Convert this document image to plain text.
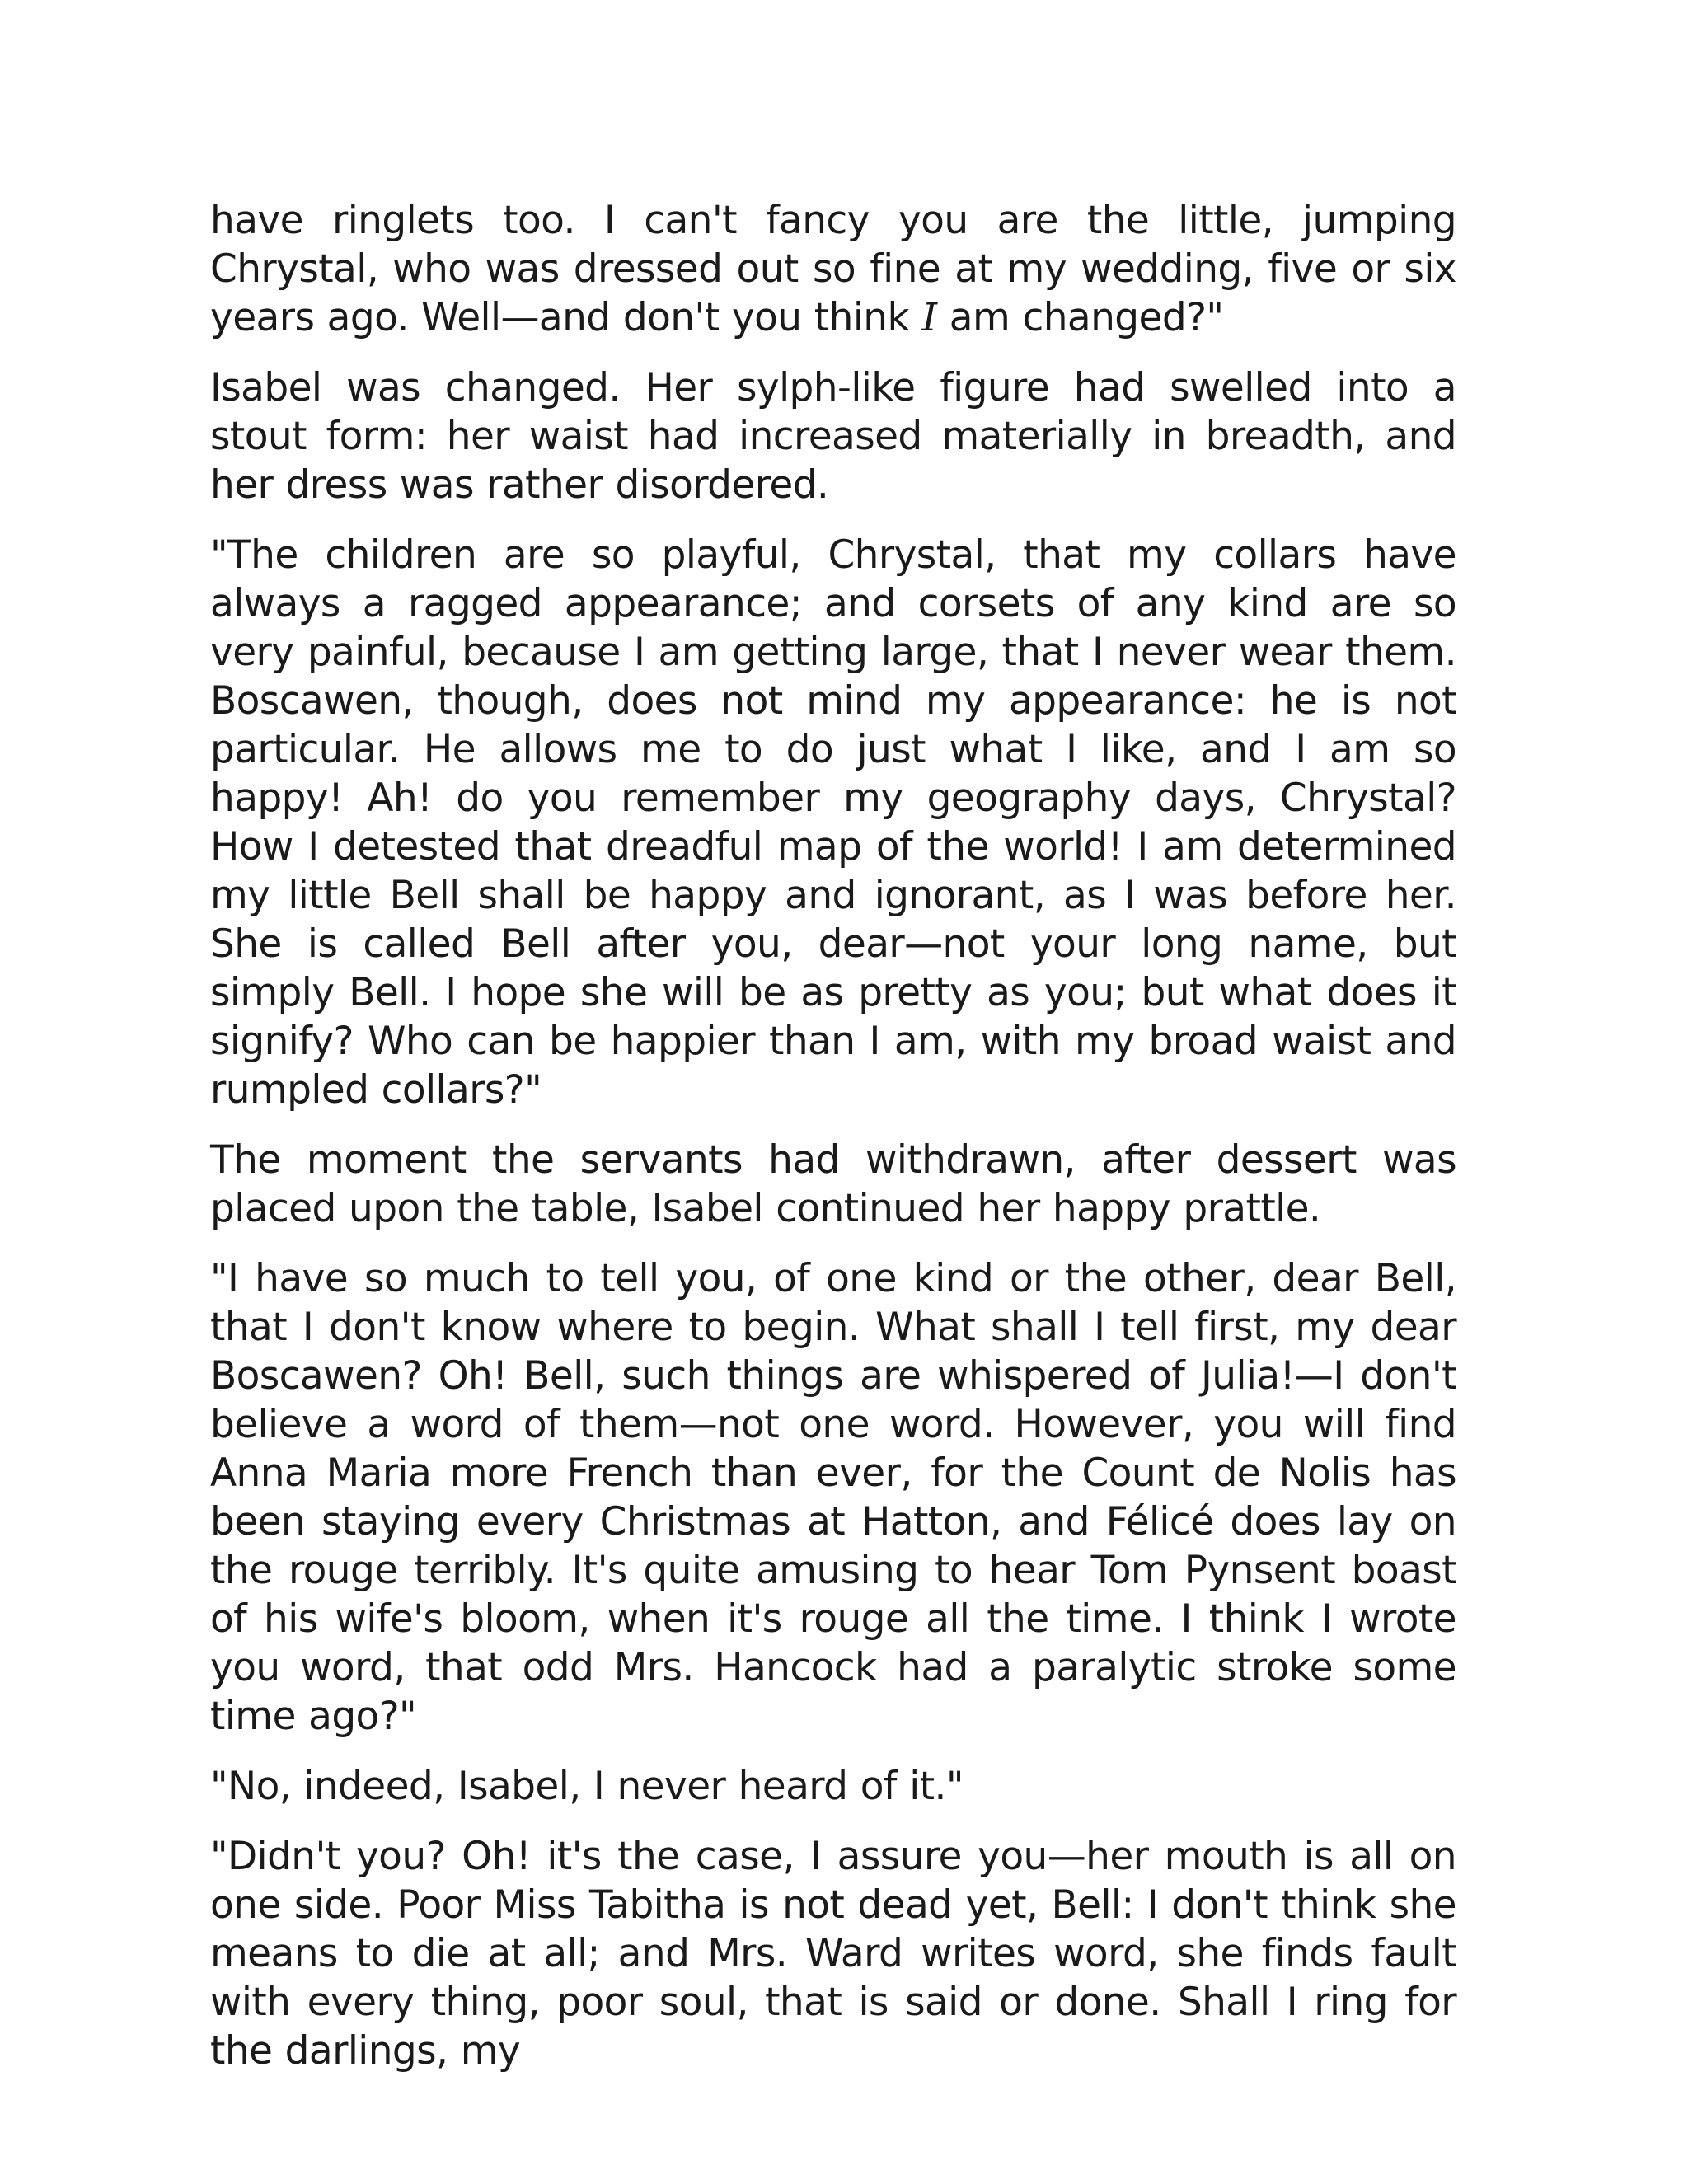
have ringlets too. I can't fancy you are the little, jumping Chrystal, who was dressed out so fine at my wedding, five or six years ago. Well—and don't you think I am changed?"

Isabel was changed. Her sylph-like figure had swelled into a stout form: her waist had increased materially in breadth, and her dress was rather disordered.

"The children are so playful, Chrystal, that my collars have always a ragged appearance; and corsets of any kind are so very painful, because I am getting large, that I never wear them. Boscawen, though, does not mind my appearance: he is not particular. He allows me to do just what I like, and I am so happy! Ah! do you remember my geography days, Chrystal? How I detested that dreadful map of the world! I am determined my little Bell shall be happy and ignorant, as I was before her. She is called Bell after you, dear—not your long name, but simply Bell. I hope she will be as pretty as you; but what does it signify? Who can be happier than I am, with my broad waist and rumpled collars?"

The moment the servants had withdrawn, after dessert was placed upon the table, Isabel continued her happy prattle.

"I have so much to tell you, of one kind or the other, dear Bell, that I don't know where to begin. What shall I tell first, my dear Boscawen? Oh! Bell, such things are whispered of Julia!—I don't believe a word of them—not one word. However, you will find Anna Maria more French than ever, for the Count de Nolis has been staying every Christmas at Hatton, and Félicé does lay on the rouge terribly. It's quite amusing to hear Tom Pynsent boast of his wife's bloom, when it's rouge all the time. I think I wrote you word, that odd Mrs. Hancock had a paralytic stroke some time ago?"

"No, indeed, Isabel, I never heard of it."

"Didn't you? Oh! it's the case, I assure you—her mouth is all on one side. Poor Miss Tabitha is not dead yet, Bell: I don't think she means to die at all; and Mrs. Ward writes word, she finds fault with every thing, poor soul, that is said or done. Shall I ring for the darlings, my
